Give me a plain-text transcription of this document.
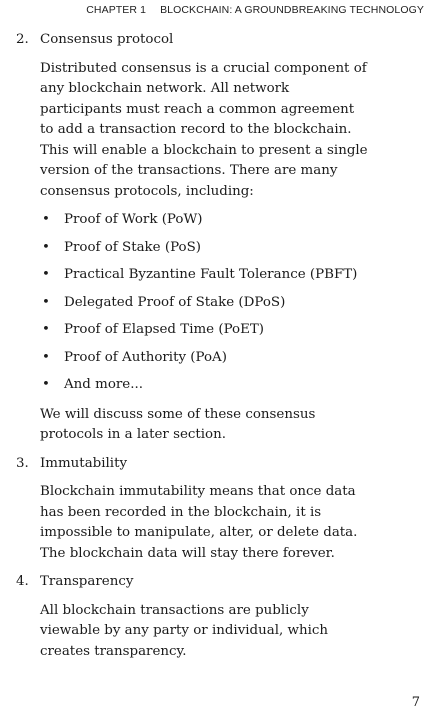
CHAPTER 1 BLOCKCHAIN: A GROUNDBREAKING TECHNOLOGY
2. Consensus protocol

Distributed consensus is a crucial component of any blockchain network. All network participants must reach a common agreement to add a transaction record to the blockchain. This will enable a blockchain to present a single version of the transactions. There are many consensus protocols, including:

• Proof of Work (PoW)
• Proof of Stake (PoS)
• Practical Byzantine Fault Tolerance (PBFT)
• Delegated Proof of Stake (DPoS)
• Proof of Elapsed Time (PoET)
• Proof of Authority (PoA)
• And more...

We will discuss some of these consensus protocols in a later section.

3. Immutability

Blockchain immutability means that once data has been recorded in the blockchain, it is impossible to manipulate, alter, or delete data. The blockchain data will stay there forever.

4. Transparency

All blockchain transactions are publicly viewable by any party or individual, which creates transparency.

7
